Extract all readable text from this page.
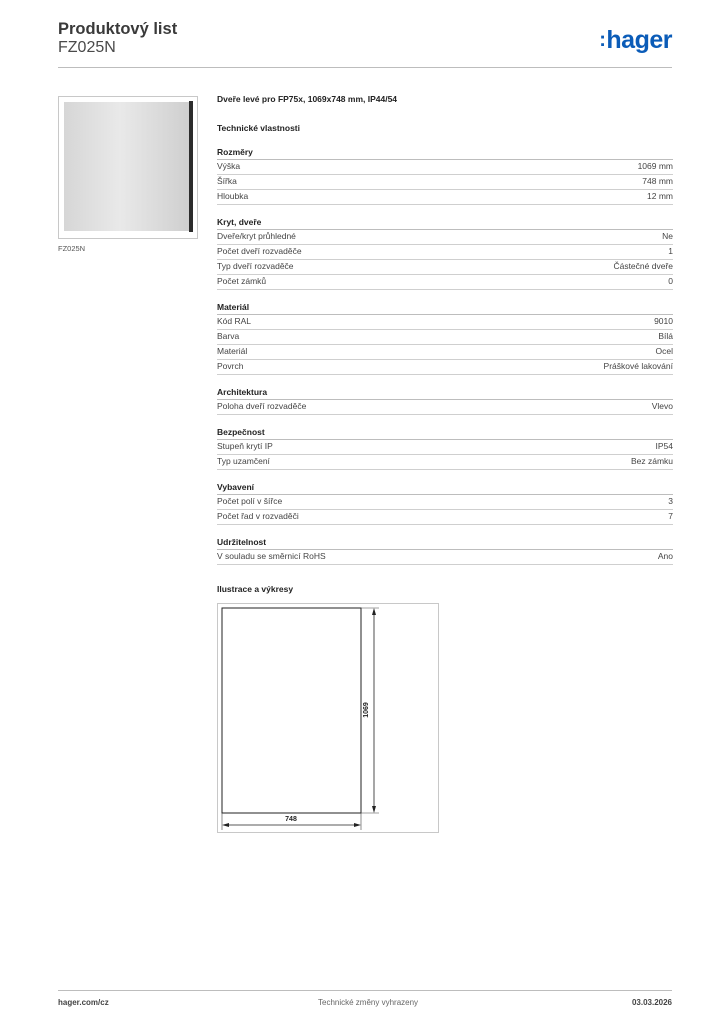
Produktový list
FZ025N	:hager
FZ025N

Dveře levé pro FP75x, 1069x748 mm, IP44/54

Technické vlastnosti

Rozměry
Výška	1069 mm
Šířka	748 mm
Hloubka	12 mm
Kryt, dveře
Dveře/kryt průhledné	Ne
Počet dveří rozvaděče	1
Typ dveří rozvaděče	Částečné dveře
Počet zámků	0
Materiál
Kód RAL	9010
Barva	Bílá
Materiál	Ocel
Povrch	Práškové lakování
Architektura
Poloha dveří rozvaděče	Vlevo
Bezpečnost
Stupeň krytí IP	IP54
Typ uzamčení	Bez zámku
Vybavení
Počet polí v šířce	3
Počet řad v rozvaděči	7
Udržitelnost
V souladu se směrnicí RoHS	Ano
Ilustrace a výkresy
1069
748
hager.com/cz	Technické změny vyhrazeny	03.03.2026
